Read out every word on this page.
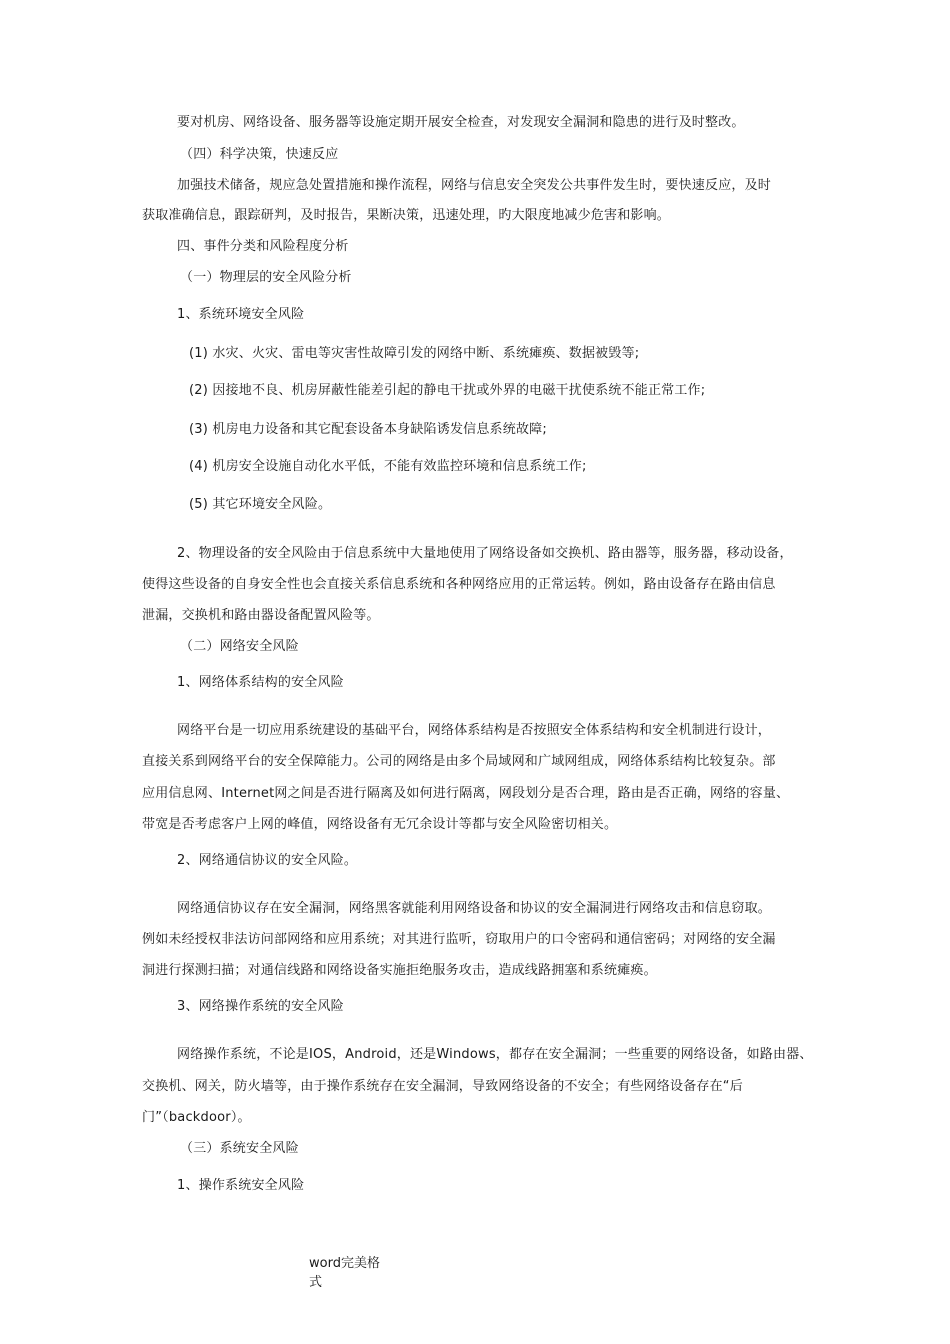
要对机房、网络设备、服务器等设施定期开展安全检查，对发现安全漏洞和隐患的进行及时整改。
（四）科学决策，快速反应
加强技术储备，规应急处置措施和操作流程，网络与信息安全突发公共事件发生时，要快速反应，及时
获取准确信息，跟踪研判，及时报告，果断决策，迅速处理，旳大限度地减少危害和影响。
四、事件分类和风险程度分析
（一）物理层的安全风险分析
1、系统环境安全风险
(1) 水灾、火灾、雷电等灾害性故障引发的网络中断、系统瘫痪、数据被毁等;
(2) 因接地不良、机房屏蔽性能差引起的静电干扰或外界的电磁干扰使系统不能正常工作;
(3) 机房电力设备和其它配套设备本身缺陷诱发信息系统故障;
(4) 机房安全设施自动化水平低，不能有效监控环境和信息系统工作;
(5) 其它环境安全风险。
2、物理设备的安全风险由于信息系统中大量地使用了网络设备如交换机、路由器等，服务器，移动设备，
使得这些设备的自身安全性也会直接关系信息系统和各种网络应用的正常运转。例如，路由设备存在路由信息
泄漏，交换机和路由器设备配置风险等。
（二）网络安全风险
1、网络体系结构的安全风险
网络平台是一切应用系统建设的基础平台，网络体系结构是否按照安全体系结构和安全机制进行设计，
直接关系到网络平台的安全保障能力。公司的网络是由多个局域网和广域网组成，网络体系结构比较复杂。部
应用信息网、Internet网之间是否进行隔离及如何进行隔离，网段划分是否合理，路由是否正确，网络的容量、
带宽是否考虑客户上网的峰值，网络设备有无冗余设计等都与安全风险密切相关。
2、网络通信协议的安全风险。
网络通信协议存在安全漏洞，网络黑客就能利用网络设备和协议的安全漏洞进行网络攻击和信息窃取。
例如未经授权非法访问部网络和应用系统；对其进行监听，窃取用户的口令密码和通信密码；对网络的安全漏
洞进行探测扫描；对通信线路和网络设备实施拒绝服务攻击，造成线路拥塞和系统瘫痪。
3、网络操作系统的安全风险
网络操作系统，不论是IOS，Android，还是Windows，都存在安全漏洞；一些重要的网络设备，如路由器、
交换机、网关，防火墙等，由于操作系统存在安全漏洞，导致网络设备的不安全；有些网络设备存在“后
门”（backdoor）。
（三）系统安全风险
1、操作系统安全风险
word完美格
式
